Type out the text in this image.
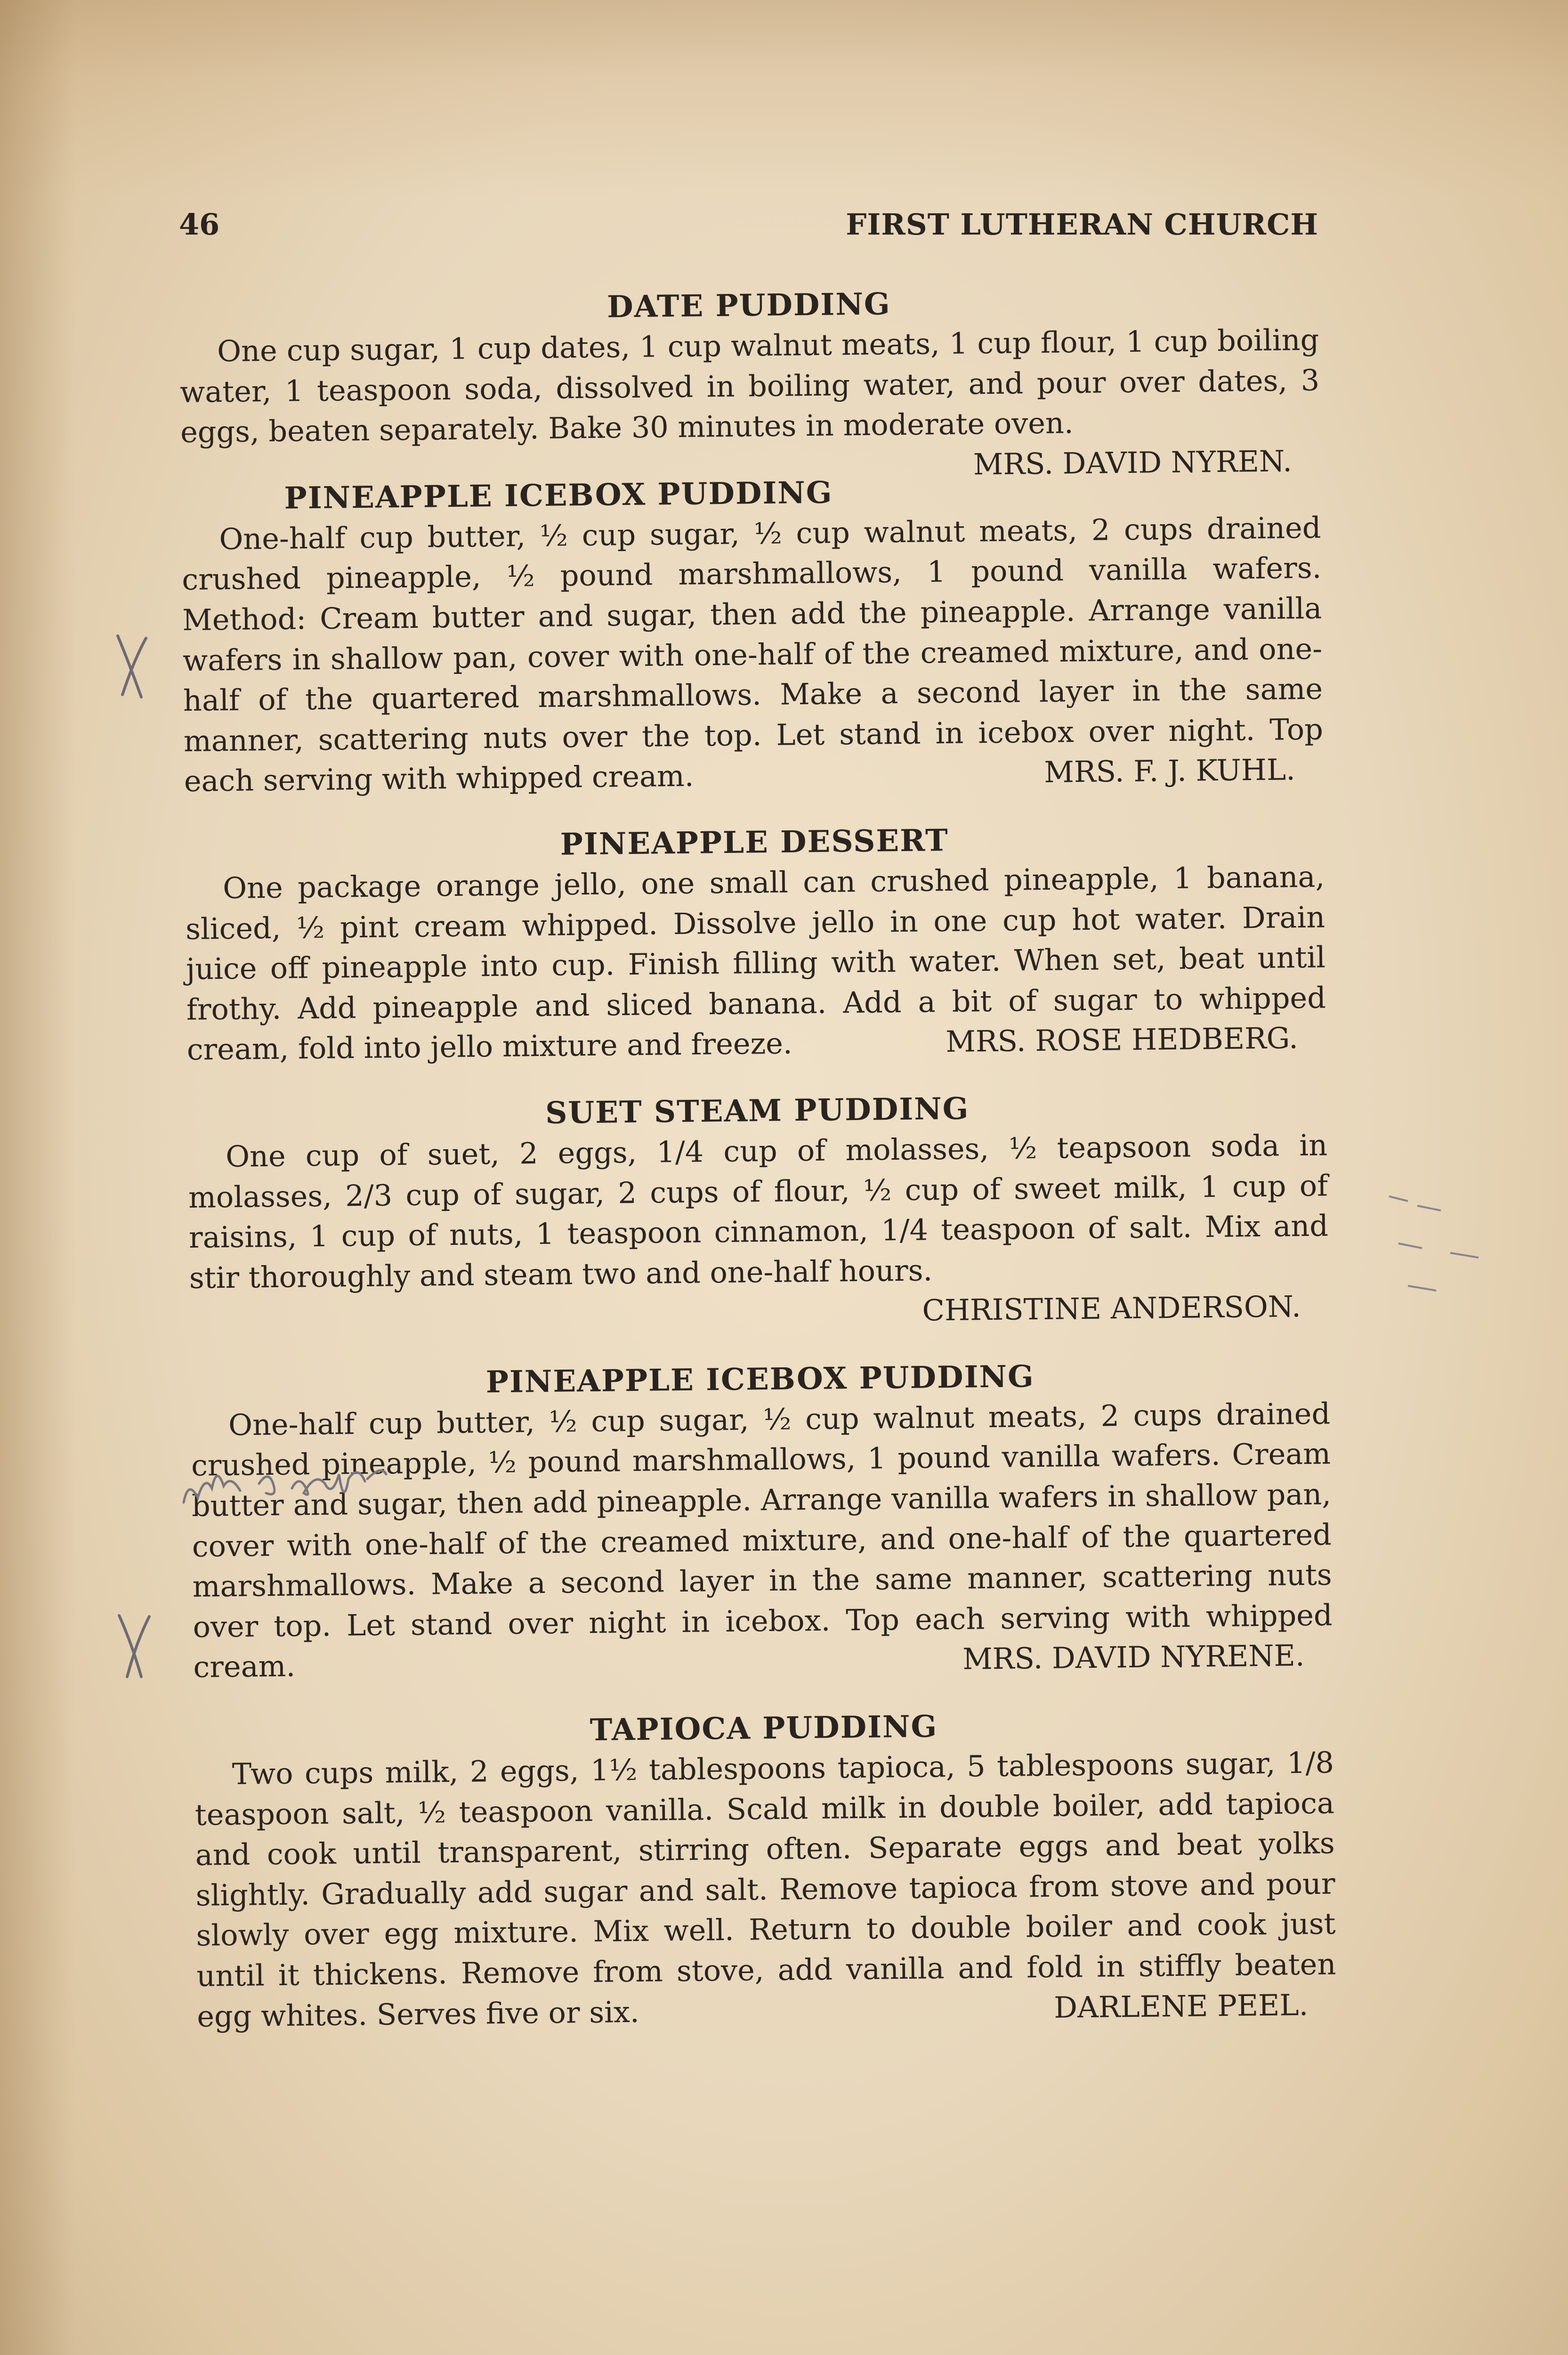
46	FIRST LUTHERAN CHURCH
DATE PUDDING

One cup sugar, 1 cup dates, 1 cup walnut meats, 1 cup flour, 1 cup boiling water, 1 teaspoon soda, dissolved in boiling water, and pour over dates, 3 eggs, beaten separately. Bake 30 minutes in moderate oven.
MRS. DAVID NYREN.

PINEAPPLE ICEBOX PUDDING

One-half cup butter, ½ cup sugar, ½ cup walnut meats, 2 cups drained crushed pineapple, ½ pound marshmallows, 1 pound vanilla wafers. Method: Cream butter and sugar, then add the pineapple. Arrange vanilla wafers in shallow pan, cover with one-half of the creamed mixture, and one-half of the quartered marshmallows. Make a second layer in the same manner, scattering nuts over the top. Let stand in icebox over night. Top each serving with whipped cream.	MRS. F. J. KUHL.

PINEAPPLE DESSERT

One package orange jello, one small can crushed pineapple, 1 banana, sliced, ½ pint cream whipped. Dissolve jello in one cup hot water. Drain juice off pineapple into cup. Finish filling with water. When set, beat until frothy. Add pineapple and sliced banana. Add a bit of sugar to whipped cream, fold into jello mixture and freeze.	MRS. ROSE HEDBERG.

SUET STEAM PUDDING

One cup of suet, 2 eggs, 1/4 cup of molasses, ½ teapsoon soda in molasses, 2/3 cup of sugar, 2 cups of flour, ½ cup of sweet milk, 1 cup of raisins, 1 cup of nuts, 1 teaspoon cinnamon, 1/4 teaspoon of salt. Mix and stir thoroughly and steam two and one-half hours.

CHRISTINE ANDERSON.

PINEAPPLE ICEBOX PUDDING

One-half cup butter, ½ cup sugar, ½ cup walnut meats, 2 cups drained crushed pineapple, ½ pound marshmallows, 1 pound vanilla wafers. Cream butter and sugar, then add pineapple. Arrange vanilla wafers in shallow pan, cover with one-half of the creamed mixture, and one-half of the quartered marshmallows. Make a second layer in the same manner, scattering nuts over top. Let stand over night in icebox. Top each serving with whipped cream.	MRS. DAVID NYRENE.

TAPIOCA PUDDING

Two cups milk, 2 eggs, 1½ tablespoons tapioca, 5 tablespoons sugar, 1/8 teaspoon salt, ½ teaspoon vanilla. Scald milk in double boiler, add tapioca and cook until transparent, stirring often. Separate eggs and beat yolks slightly. Gradually add sugar and salt. Remove tapioca from stove and pour slowly over egg mixture. Mix well. Return to double boiler and cook just until it thickens. Remove from stove, add vanilla and fold in stiffly beaten egg whites. Serves five or six.	DARLENE PEEL.
